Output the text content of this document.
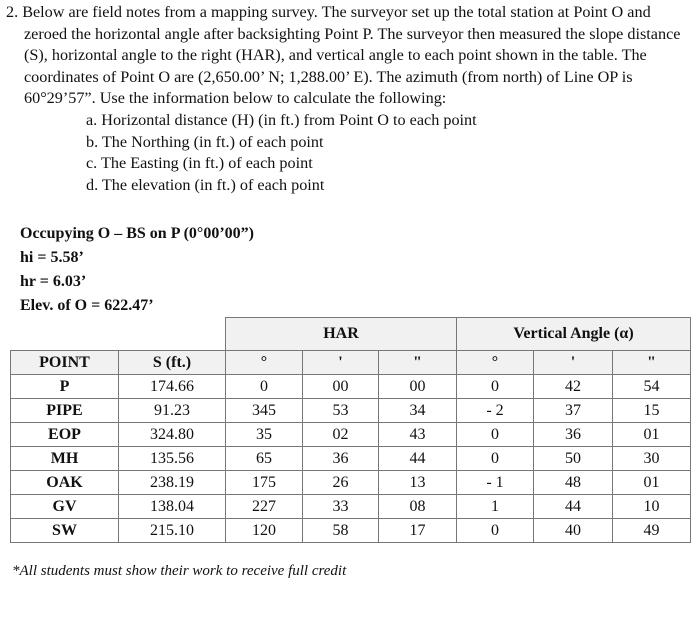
2. Below are field notes from a mapping survey. The surveyor set up the total station at Point O and zeroed the horizontal angle after backsighting Point P. The surveyor then measured the slope distance (S), horizontal angle to the right (HAR), and vertical angle to each point shown in the table. The coordinates of Point O are (2,650.00’ N; 1,288.00’ E). The azimuth (from north) of Line OP is 60°29’57”. Use the information below to calculate the following:

a. Horizontal distance (H) (in ft.) from Point O to each point
b. The Northing (in ft.) of each point
c. The Easting (in ft.) of each point
d. The elevation (in ft.) of each point
Occupying O – BS on P (0°00’00”)
hi = 5.58’
hr = 6.03’
Elev. of O = 622.47’
		HAR			Vertical Angle (α)		
POINT	S (ft.)	°	'	"	°	'	"
P	174.66	0	00	00	0	42	54
PIPE	91.23	345	53	34	- 2	37	15
EOP	324.80	35	02	43	0	36	01
MH	135.56	65	36	44	0	50	30
OAK	238.19	175	26	13	- 1	48	01
GV	138.04	227	33	08	1	44	10
SW	215.10	120	58	17	0	40	49
*All students must show their work to receive full credit
